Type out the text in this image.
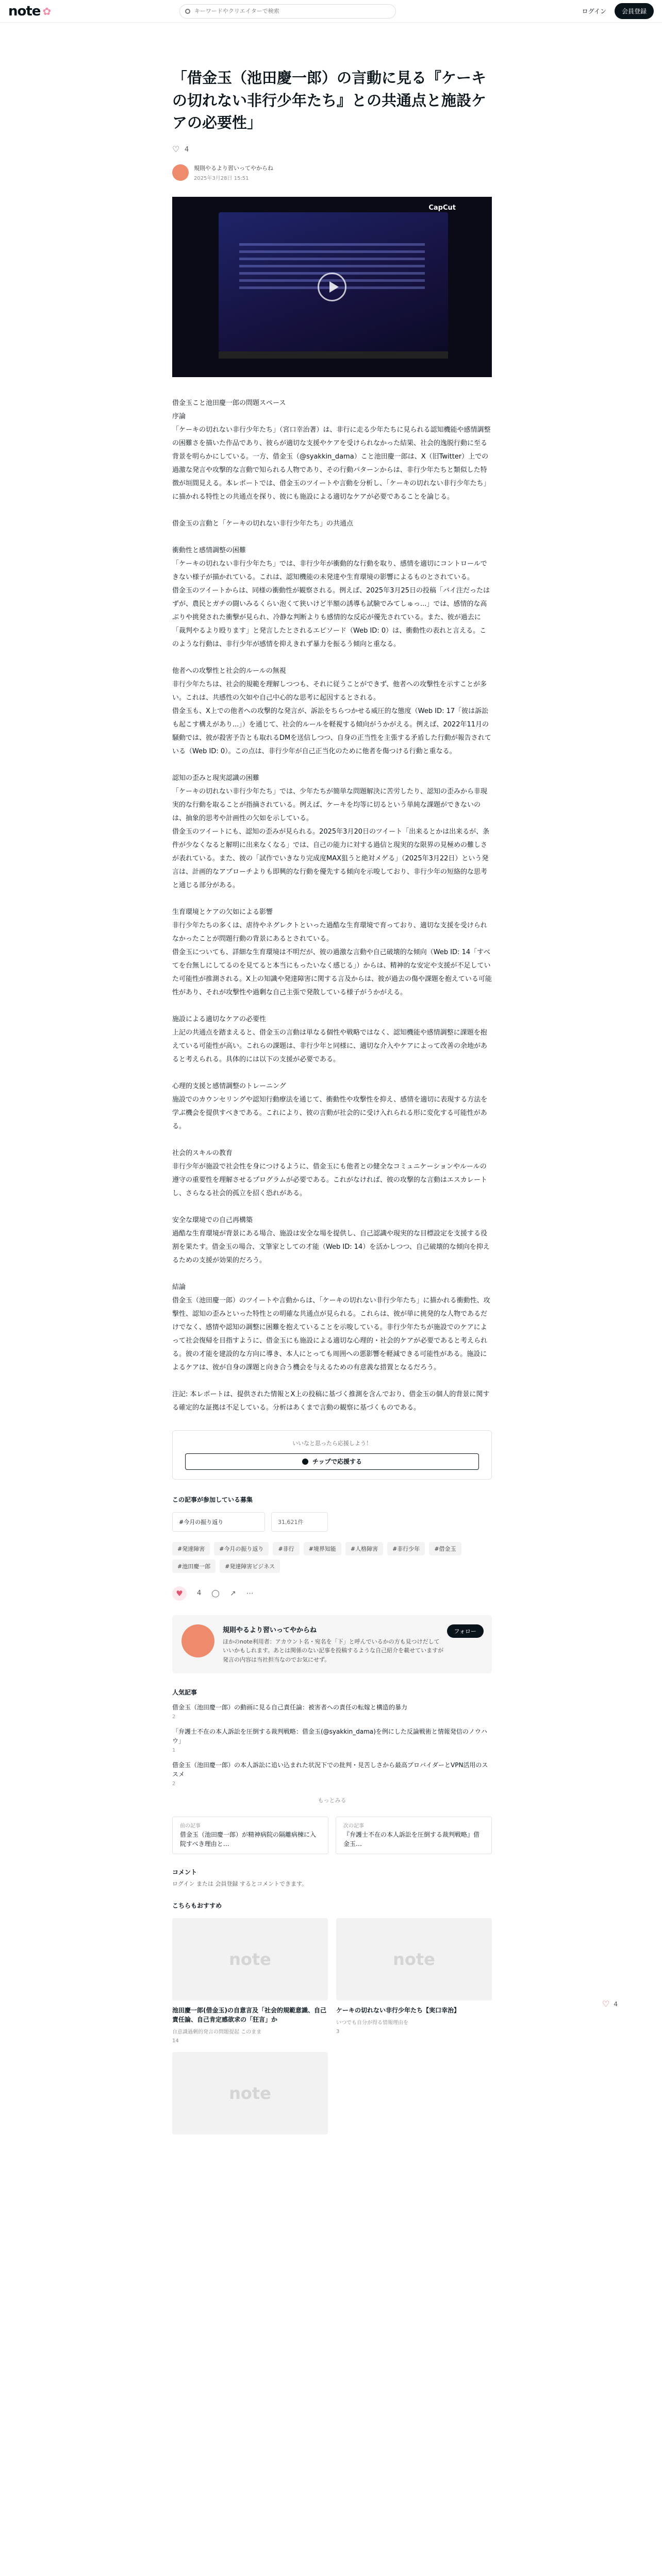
note ✿
キーワードやクリエイターで検索	ログイン	会員登録
「借金玉（池田慶一郎）の言動に見る『ケーキの切れない非行少年たち』との共通点と施設ケアの必要性」
♡ 4
規則やるより習いってやからね
2025年3月28日 15:51
CapCut

借金玉こと池田慶一郎の問題スペース

序論

「ケーキの切れない非行少年たち」（宮口幸治著）は、非行に走る少年たちに見られる認知機能や感情調整の困難さを描いた作品であり、彼らが適切な支援やケアを受けられなかった結果、社会的逸脱行動に至る背景を明らかにしている。一方、借金玉（@syakkin_dama）こと池田慶一郎は、X（旧Twitter）上での過激な発言や攻撃的な言動で知られる人物であり、その行動パターンからは、非行少年たちと類似した特徴が垣間見える。本レポートでは、借金玉のツイートや言動を分析し、「ケーキの切れない非行少年たち」に描かれる特性との共通点を探り、彼にも施設による適切なケアが必要であることを論じる。

借金玉の言動と「ケーキの切れない非行少年たち」の共通点

衝動性と感情調整の困難

「ケーキの切れない非行少年たち」では、非行少年が衝動的な行動を取り、感情を適切にコントロールできない様子が描かれている。これは、認知機能の未発達や生育環境の影響によるものとされている。

借金玉のツイートからは、同様の衝動性が観察される。例えば、2025年3月25日の投稿「バイ注だったはずが、農民とガチの闘いみるくらい泡くて狭いけど半額の誘導も試験でみてしゅっ...」では、感情的な高ぶりや挑発された衝撃が見られ、冷静な判断よりも感情的な反応が優先されている。また、彼が過去に「裁判やるより殴ります」と発言したとされるエピソード（Web ID: 0）は、衝動性の表れと言える。このような行動は、非行少年が感情を抑えきれず暴力を振るう傾向と重なる。

他者への攻撃性と社会的ルールの無視

非行少年たちは、社会的規範を理解しつつも、それに従うことができず、他者への攻撃性を示すことが多い。これは、共感性の欠如や自己中心的な思考に起因するとされる。

借金玉も、X上での他者への攻撃的な発言が、訴訟をちらつかせる威圧的な態度（Web ID: 17「彼は訴訟も起こす構えがあり...」）を通じて、社会的ルールを軽視する傾向がうかがえる。例えば、2022年11月の騒動では、彼が殺害予告とも取れるDMを送信しつつ、自身の正当性を主張する矛盾した行動が報告されている（Web ID: 0）。この点は、非行少年が自己正当化のために他者を傷つける行動と重なる。

認知の歪みと現実認識の困難

「ケーキの切れない非行少年たち」では、少年たちが簡単な問題解決に苦労したり、認知の歪みから非現実的な行動を取ることが指摘されている。例えば、ケーキを均等に切るという単純な課題ができないのは、抽象的思考や計画性の欠如を示している。

借金玉のツイートにも、認知の歪みが見られる。2025年3月20日のツイート「出来るとかは出来るが、条件が少なくなると解明に出来なくなる」では、自己の能力に対する過信と現実的な限界の見極めの難しさが表れている。また、彼の「試作でいきなり完成度MAX狙うと絶対メゲる」（2025年3月22日）という発言は、計画的なアプローチよりも即興的な行動を優先する傾向を示唆しており、非行少年の短絡的な思考と通じる部分がある。

生育環境とケアの欠如による影響

非行少年たちの多くは、虐待やネグレクトといった過酷な生育環境で育っており、適切な支援を受けられなかったことが問題行動の背景にあるとされている。

借金玉についても、詳細な生育環境は不明だが、彼の過激な言動や自己破壊的な傾向（Web ID: 14「すべてを台無しにしてるのを見てると本当にもったいなく感じる」）からは、精神的な安定や支援が不足していた可能性が推測される。X上の知識や発達障害に関する言及からは、彼が過去の傷や課題を抱えている可能性があり、それが攻撃性や過剰な自己主張で発散している様子がうかがえる。

施設による適切なケアの必要性

上記の共通点を踏まえると、借金玉の言動は単なる個性や戦略ではなく、認知機能や感情調整に課題を抱えている可能性が高い。これらの課題は、非行少年と同様に、適切な介入やケアによって改善の余地があると考えられる。具体的には以下の支援が必要である。

心理的支援と感情調整のトレーニング

施設でのカウンセリングや認知行動療法を通じて、衝動性や攻撃性を抑え、感情を適切に表現する方法を学ぶ機会を提供すべきである。これにより、彼の言動が社会的に受け入れられる形に変化する可能性がある。

社会的スキルの教育

非行少年が施設で社会性を身につけるように、借金玉にも他者との健全なコミュニケーションやルールの遵守の重要性を理解させるプログラムが必要である。これがなければ、彼の攻撃的な言動はエスカレートし、さらなる社会的孤立を招く恐れがある。

安全な環境での自己再構築

過酷な生育環境が背景にある場合、施設は安全な場を提供し、自己認識や現実的な目標設定を支援する役割を果たす。借金玉の場合、文筆家としての才能（Web ID: 14）を活かしつつ、自己破壊的な傾向を抑えるための支援が効果的だろう。

結論

借金玉（池田慶一郎）のツイートや言動からは、「ケーキの切れない非行少年たち」に描かれる衝動性、攻撃性、認知の歪みといった特性との明確な共通点が見られる。これらは、彼が単に挑発的な人物であるだけでなく、感情や認知の調整に困難を抱えていることを示唆している。非行少年たちが施設でのケアによって社会復帰を目指すように、借金玉にも施設による適切な心理的・社会的ケアが必要であると考えられる。彼の才能を建設的な方向に導き、本人にとっても周囲への悪影響を軽減できる可能性がある。施設によるケアは、彼が自身の課題と向き合う機会を与えるための有意義な措置となるだろう。

注記: 本レポートは、提供された情報とX上の投稿に基づく推測を含んでおり、借金玉の個人的背景に関する確定的な証拠は不足している。分析はあくまで言動の観察に基づくものである。

いいなと思ったら応援しよう！
チップで応援する
この記事が参加している募集
#今月の振り返り	31,621件
#発達障害	#今月の振り返り	#非行	#境界知能	#人格障害	#非行少年	#借金玉
#池田慶一郎	#発達障害ビジネス
♥	4 ◯ ↗ ⋯
規則やるより習いってやからね
ほかのnote利用者：アカウント名・宛名を「下」と呼んでいるかの方も見つけだしていいかもしれます。あとは関係のない記事を投稿するような自己紹介を載せていますが発言の内容は当社担当なのでお気にせず。
フォロー
人気記事
借金玉（池田慶一郎）の動画に見る自己責任論：被害者への責任の転嫁と構造的暴力
2
「弁護士不在の本人訴訟を圧倒する裁判戦略：借金玉(@syakkin_dama)を例にした反論戦術と情報発信のノウハウ」
1
借金玉（池田慶一郎）の本人訴訟に追い込まれた状況下での批判・見苦しさから最高プロバイダーとVPN活用のススメ
2
もっとみる
前の記事
借金玉（池田慶一郎）が精神病院の隔離病棟に入院すべき理由と…
次の記事
『弁護士不在の本人訴訟を圧倒する裁判戦略』借金玉…
コメント
ログイン または 会員登録 するとコメントできます。
こちらもおすすめ
note
池田慶一郎(借金玉)の自意言及「社会的規範意識、自己責任論、自己肯定感欲求の「狂言」か
自意識過剰的発言の問題提起 このまま
14
note
ケーキの切れない非行少年たち【実口幸治】
いつでも自分が得る情報理由を
3
note
♡ 4
